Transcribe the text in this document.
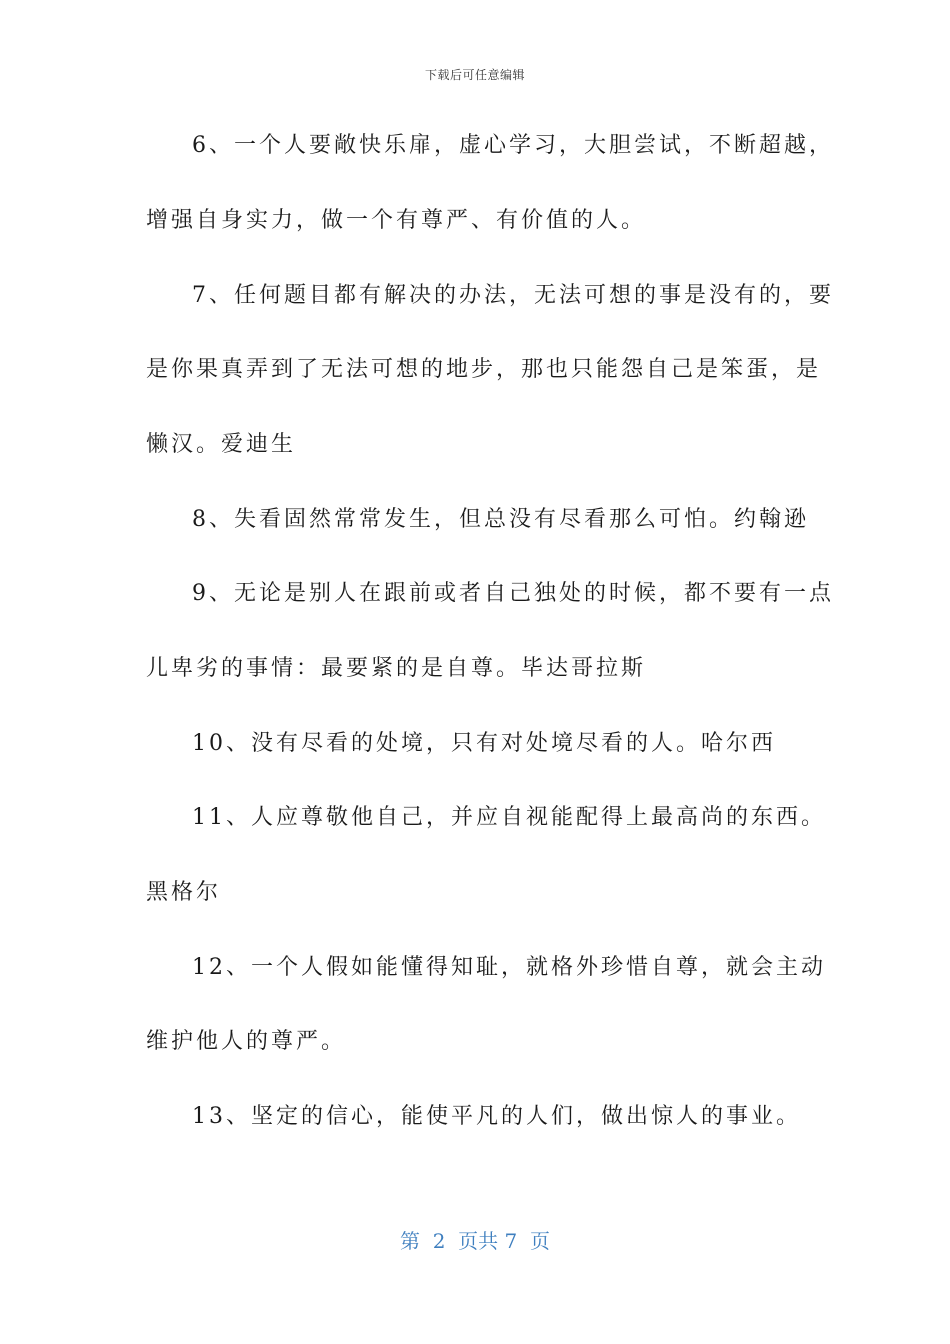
下载后可任意编辑
6、一个人要敞快乐扉，虚心学习，大胆尝试，不断超越，
增强自身实力，做一个有尊严、有价值的人。
7、任何题目都有解决的办法，无法可想的事是没有的，要
是你果真弄到了无法可想的地步，那也只能怨自己是笨蛋，是
懒汉。爱迪生
8、失看固然常常发生，但总没有尽看那么可怕。约翰逊
9、无论是别人在跟前或者自己独处的时候，都不要有一点
儿卑劣的事情：最要紧的是自尊。毕达哥拉斯
10、没有尽看的处境，只有对处境尽看的人。哈尔西
11、人应尊敬他自己，并应自视能配得上最高尚的东西。
黑格尔
12、一个人假如能懂得知耻，就格外珍惜自尊，就会主动
维护他人的尊严。
13、坚定的信心，能使平凡的人们，做出惊人的事业。
第  2  页共 7  页
